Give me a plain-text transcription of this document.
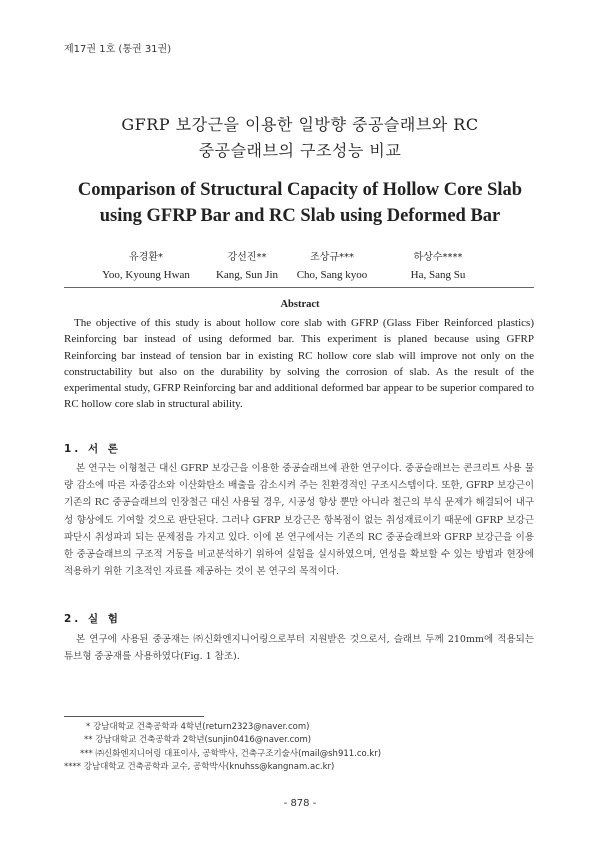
제17권 1호 (통권 31권)
GFRP 보강근을 이용한 일방향 중공슬래브와 RC
중공슬래브의 구조성능 비교
Comparison of Structural Capacity of Hollow Core Slab
using GFRP Bar and RC Slab using Deformed Bar
유경환*
Yoo, Kyoung Hwan
강선진**
Kang, Sun Jin
조상규***
Cho, Sang kyoo
하상수****
Ha, Sang Su
Abstract

The objective of this study is about hollow core slab with GFRP (Glass Fiber Reinforced plastics) Reinforcing bar instead of using deformed bar. This experiment is planed because using GFRP Reinforcing bar instead of tension bar in existing RC hollow core slab will improve not only on the constructability but also on the durability by solving the corrosion of slab. As the result of the experimental study, GFRP Reinforcing bar and additional deformed bar appear to be superior compared to RC hollow core slab in structural ability.

1. 서 론

본 연구는 이형철근 대신 GFRP 보강근을 이용한 중공슬래브에 관한 연구이다. 중공슬래브는 콘크리트 사용 물량 감소에 따른 자중감소와 이산화탄소 배출을 감소시켜 주는 친환경적인 구조시스템이다. 또한, GFRP 보강근이 기존의 RC 중공슬래브의 인장철근 대신 사용될 경우, 시공성 향상 뿐만 아니라 철근의 부식 문제가 해결되어 내구성 향상에도 기여할 것으로 판단된다. 그러나 GFRP 보강근은 항복점이 없는 취성재료이기 때문에 GFRP 보강근 파단시 취성파괴 되는 문제점을 가지고 있다. 이에 본 연구에서는 기존의 RC 중공슬래브와 GFRP 보강근을 이용한 중공슬래브의 구조적 거동을 비교분석하기 위하여 실험을 실시하였으며, 연성을 확보할 수 있는 방법과 현장에 적용하기 위한 기초적인 자료를 제공하는 것이 본 연구의 목적이다.

2. 실 험

본 연구에 사용된 중공재는 ㈜신화엔지니어링으로부터 지원받은 것으로서, 슬래브 두께 210mm에 적용되는 튜브형 중공재를 사용하였다(Fig. 1 참조).

* 강남대학교 건축공학과 4학년(return2323@naver.com)
** 강남대학교 건축공학과 2학년(sunjin0416@naver.com)
*** ㈜신화엔지니어링 대표이사, 공학박사, 건축구조기술사(mail@sh911.co.kr)
**** 강남대학교 건축공학과 교수, 공학박사(knuhss@kangnam.ac.kr)
- 878 -
